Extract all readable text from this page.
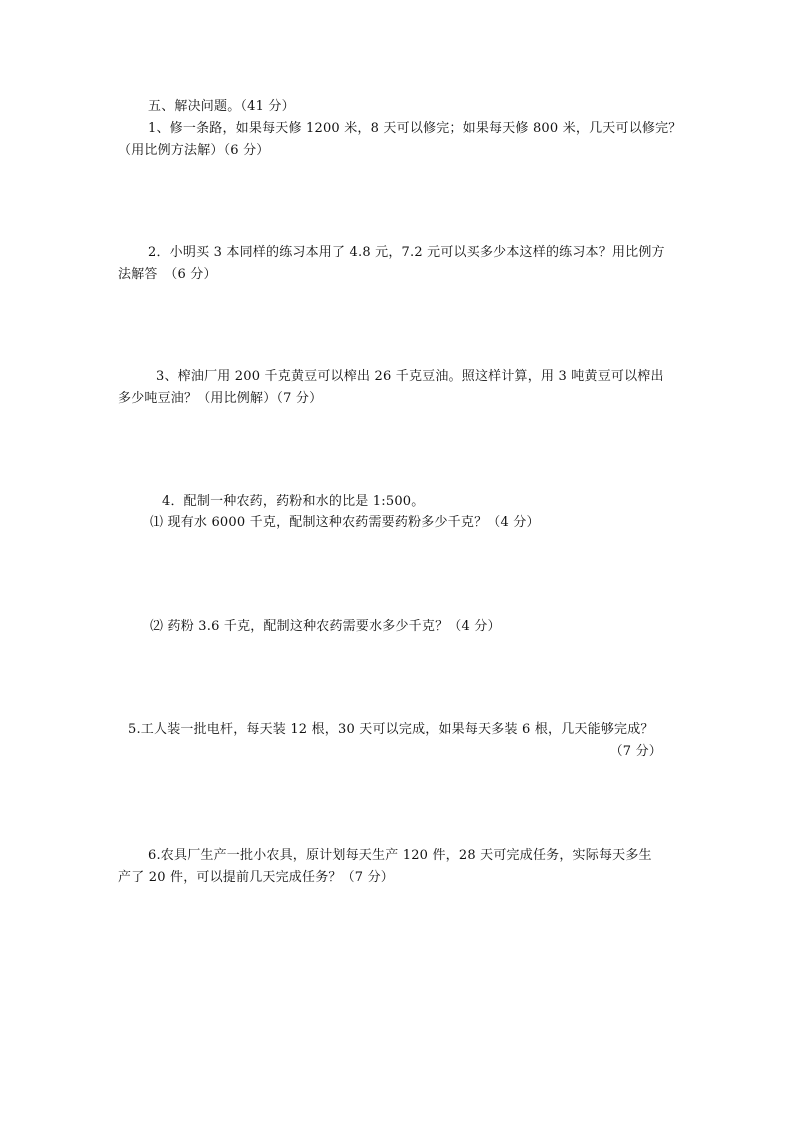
五、解决问题。（41 分）
1、修一条路，如果每天修 1200 米，8 天可以修完；如果每天修 800 米，几天可以修完？
（用比例方法解）（6 分）
2．小明买 3 本同样的练习本用了 4.8 元，7.2 元可以买多少本这样的练习本？用比例方
法解答　（6 分）
3、榨油厂用 200 千克黄豆可以榨出 26 千克豆油。照这样计算，用 3 吨黄豆可以榨出
多少吨豆油？（用比例解）（7 分）
4．配制一种农药，药粉和水的比是 1:500。
⑴ 现有水 6000 千克，配制这种农药需要药粉多少千克？（4 分）
⑵ 药粉 3.6 千克，配制这种农药需要水多少千克？（4 分）
5.工人装一批电杆，每天装 12 根，30 天可以完成，如果每天多装 6 根，几天能够完成？
（7 分）
6.农具厂生产一批小农具，原计划每天生产 120 件，28 天可完成任务，实际每天多生
产了 20 件，可以提前几天完成任务？（7 分）
